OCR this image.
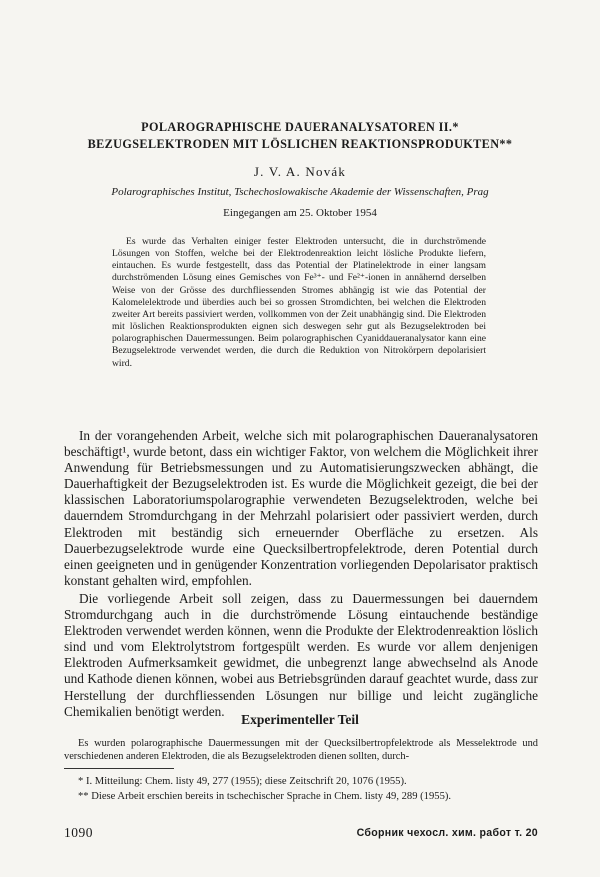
POLAROGRAPHISCHE DAUERANALYSATOREN II.*
BEZUGSELEKTRODEN MIT LÖSLICHEN REAKTIONSPRODUKTEN**
J. V. A. Novák
Polarographisches Institut, Tschechoslowakische Akademie der Wissenschaften, Prag
Eingegangen am 25. Oktober 1954

Es wurde das Verhalten einiger fester Elektroden untersucht, die in durchströmende Lösungen von Stoffen, welche bei der Elektrodenreaktion leicht lösliche Produkte liefern, eintauchen. Es wurde festgestellt, dass das Potential der Platinelektrode in einer langsam durchströmenden Lösung eines Gemisches von Fe³⁺- und Fe²⁺-ionen in annähernd derselben Weise von der Grösse des durchfliessenden Stromes abhängig ist wie das Potential der Kalomelelektrode und überdies auch bei so grossen Stromdichten, bei welchen die Elektroden zweiter Art bereits passiviert werden, vollkommen von der Zeit unabhängig sind. Die Elektroden mit löslichen Reaktionsprodukten eignen sich deswegen sehr gut als Bezugselektroden bei polarographischen Dauermessungen. Beim polarographischen Cyaniddaueranalysator kann eine Bezugselektrode verwendet werden, die durch die Reduktion von Nitrokörpern depolarisiert wird.

In der vorangehenden Arbeit, welche sich mit polarographischen Daueranalysatoren beschäftigt¹, wurde betont, dass ein wichtiger Faktor, von welchem die Möglichkeit ihrer Anwendung für Betriebsmessungen und zu Automatisierungszwecken abhängt, die Dauerhaftigkeit der Bezugselektroden ist. Es wurde die Möglichkeit gezeigt, die bei der klassischen Laboratoriumspolarographie verwendeten Bezugselektroden, welche bei dauerndem Stromdurchgang in der Mehrzahl polarisiert oder passiviert werden, durch Elektroden mit beständig sich erneuernder Oberfläche zu ersetzen. Als Dauerbezugselektrode wurde eine Quecksilbertropfelektrode, deren Potential durch einen geeigneten und in genügender Konzentration vorliegenden Depolarisator praktisch konstant gehalten wird, empfohlen.

Die vorliegende Arbeit soll zeigen, dass zu Dauermessungen bei dauerndem Stromdurchgang auch in die durchströmende Lösung eintauchende beständige Elektroden verwendet werden können, wenn die Produkte der Elektrodenreaktion löslich sind und vom Elektrolytstrom fortgespült werden. Es wurde vor allem denjenigen Elektroden Aufmerksamkeit gewidmet, die unbegrenzt lange abwechselnd als Anode und Kathode dienen können, wobei aus Betriebsgründen darauf geachtet wurde, dass zur Herstellung der durchfliessenden Lösungen nur billige und leicht zugängliche Chemikalien benötigt werden.

Experimenteller Teil

Es wurden polarographische Dauermessungen mit der Quecksilbertropfelektrode als Messelektrode und verschiedenen anderen Elektroden, die als Bezugselektroden dienen sollten, durch-

* I. Mitteilung: Chem. listy 49, 277 (1955); diese Zeitschrift 20, 1076 (1955).
** Diese Arbeit erschien bereits in tschechischer Sprache in Chem. listy 49, 289 (1955).
1090	Сборник чехосл. хим. работ т. 20
